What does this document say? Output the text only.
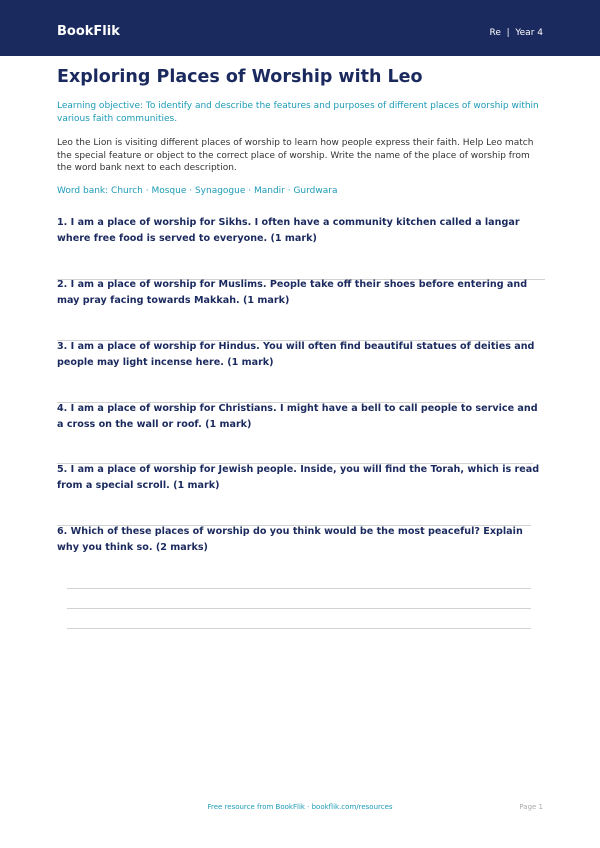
BookFlik	Re  |  Year 4
Exploring Places of Worship with Leo

Learning objective: To identify and describe the features and purposes of different places of worship within various faith communities.

Leo the Lion is visiting different places of worship to learn how people express their faith. Help Leo match the special feature or object to the correct place of worship. Write the name of the place of worship from the word bank next to each description.

Word bank: Church · Mosque · Synagogue · Mandir · Gurdwara

1. I am a place of worship for Sikhs. I often have a community kitchen called a langar where free food is served to everyone. (1 mark)

2. I am a place of worship for Muslims. People take off their shoes before entering and may pray facing towards Makkah. (1 mark)

3. I am a place of worship for Hindus. You will often find beautiful statues of deities and people may light incense here. (1 mark)

4. I am a place of worship for Christians. I might have a bell to call people to service and a cross on the wall or roof. (1 mark)

5. I am a place of worship for Jewish people. Inside, you will find the Torah, which is read from a special scroll. (1 mark)

6. Which of these places of worship do you think would be the most peaceful? Explain why you think so. (2 marks)

Free resource from BookFlik · bookflik.com/resources	Page 1
